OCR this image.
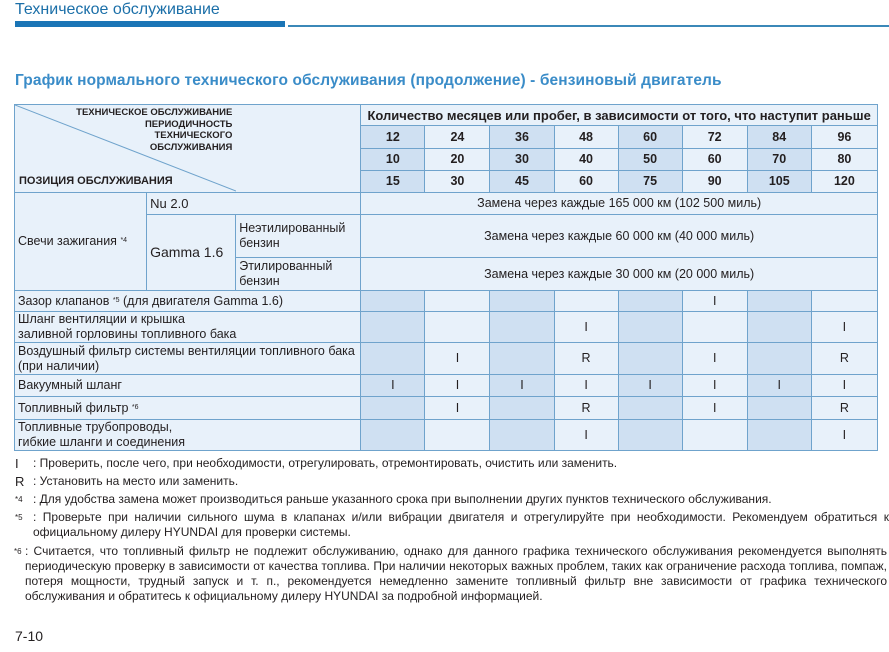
Техническое обслуживание
График нормального технического обслуживания (продолжение) - бензиновый двигатель
ТЕХНИЧЕСКОЕ ОБСЛУЖИВАНИЕ
ПЕРИОДИЧНОСТЬ
ТЕХНИЧЕСКОГО
ОБСЛУЖИВАНИЯ
ПОЗИЦИЯ ОБСЛУЖИВАНИЯ			Количество месяцев или пробег, в зависимости от того, что наступит раньше							
			12	24	36	48	60	72	84	96
			10	20	30	40	50	60	70	80
			15	30	45	60	75	90	105	120
Свечи зажигания $^{*4}$	Nu 2.0		Замена через каждые 165 000 км (102 500 миль)							
	Gamma 1.6	Неэтилированный бензин	Замена через каждые 60 000 км (40 000 миль)							
		Этилированный бензин	Замена через каждые 30 000 км (20 000 миль)							
Зазор клапанов $^{*5}$ (для двигателя Gamma 1.6)								I		
Шланг вентиляции и крышка заливной горловины топливного бака						I				I
Воздушный фильтр системы вентиляции топливного бака (при наличии)				I		R		I		R
Вакуумный шланг			I	I	I	I	I	I	I	I
Топливный фильтр $^{*6}$				I		R		I		R
Топливные трубопроводы, гибкие шланги и соединения						I				I
I	: Проверить, после чего, при необходимости, отрегулировать, отремонтировать, очистить или заменить.
R : Установить на место или заменить.
*4 : Для удобства замена может производиться раньше указанного срока при выполнении других пунктов технического обслуживания.
*5 : Проверьте при наличии сильного шума в клапанах и/или вибрации двигателя и отрегулируйте при необходимости. Рекомендуем обратиться к официальному дилеру HYUNDAI для проверки системы.
*6 : Считается, что топливный фильтр не подлежит обслуживанию, однако для данного графика технического обслуживания рекомендуется выполнять периодическую проверку в зависимости от качества топлива. При наличии некоторых важных проблем, таких как ограничение расхода топлива, помпаж, потеря мощности, трудный запуск и т. п., рекомендуется немедленно замените топливный фильтр вне зависимости от графика технического обслуживания и обратитесь к официальному дилеру HYUNDAI за подробной информацией.
7-10
